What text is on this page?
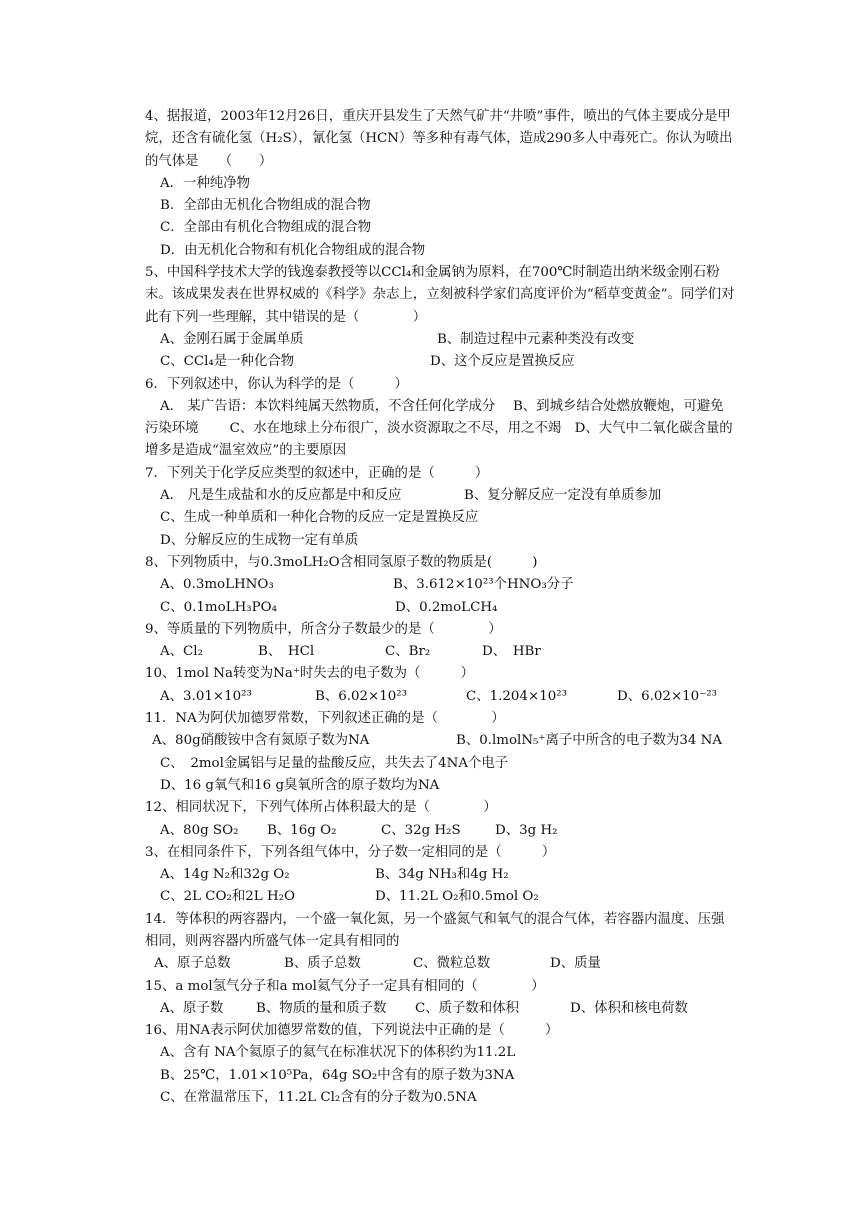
4、据报道，2003年12月26日，重庆开县发生了天然气矿井“井喷”事件，喷出的气体主要成分是甲烷，还含有硫化氢（H₂S），氰化氢（HCN）等多种有毒气体，造成290多人中毒死亡。你认为喷出的气体是　　（　　）
A．一种纯净物
B．全部由无机化合物组成的混合物
C．全部由有机化合物组成的混合物
D．由无机化合物和有机化合物组成的混合物
5、中国科学技术大学的钱逸泰教授等以CCl₄和金属钠为原料，在700℃时制造出纳米级金刚石粉末。该成果发表在世界权威的《科学》杂志上，立刻被科学家们高度评价为“稻草变黄金”。同学们对此有下列一些理解，其中错误的是（　　　　）
A、金刚石属于金属单质	B、制造过程中元素种类没有改变
C、CCl₄是一种化合物	D、这个反应是置换反应
6．下列叙述中，你认为科学的是（　　　）
A． 某广告语：本饮料纯属天然物质，不含任何化学成分　 B、到城乡结合处燃放鞭炮，可避免污染环境　　 C、水在地球上分布很广，淡水资源取之不尽，用之不竭　D、大气中二氧化碳含量的增多是造成“温室效应”的主要原因
7．下列关于化学反应类型的叙述中，正确的是（　　　）
A． 凡是生成盐和水的反应都是中和反应	B、复分解反应一定没有单质参加
C、生成一种单质和一种化合物的反应一定是置换反应
D、分解反应的生成物一定有单质
8、下列物质中，与0.3moLH₂O含相同氢原子数的物质是(　　　)
A、0.3moLHNO₃	B、3.612×10²³个HNO₃分子
C、0.1moLH₃PO₄	D、0.2moLCH₄
9、等质量的下列物质中，所含分子数最少的是（　　　　）
A、Cl₂	B、　HCl	C、Br₂	D、　HBr
10、1mol Na转变为Na⁺时失去的电子数为（　　　）
A、3.01×10²³	B、6.02×10²³	C、1.204×10²³	D、6.02×10⁻²³
11．NA为阿伏加德罗常数，下列叙述正确的是（　　　　）
A、80g硝酸铵中含有氮原子数为NA	B、0.lmolN₅⁺离子中所含的电子数为34 NA
C、　2mol金属铝与足量的盐酸反应，共失去了4NA个电子
D、16 g氧气和16 g臭氧所含的原子数均为NA
12、相同状况下，下列气体所占体积最大的是（　　　　）
A、80g SO₂ B、16g O₂	C、32g H₂S	D、3g H₂
3、在相同条件下，下列各组气体中，分子数一定相同的是（　　　）
A、14g N₂和32g O₂	B、34g NH₃和4g H₂
C、2L CO₂和2L H₂O	D、11.2L O₂和0.5mol O₂
14．等体积的两容器内，一个盛一氧化氮，另一个盛氮气和氧气的混合气体，若容器内温度、压强相同，则两容器内所盛气体一定具有相同的
A、原子总数	B、质子总数	C、微粒总数	D、质量
15、a mol氢气分子和a mol氦气分子一定具有相同的（　　　　）
A、原子数 B、物质的量和质子数 C、质子数和体积	D、体积和核电荷数
16、用NA表示阿伏加德罗常数的值，下列说法中正确的是（　　　）
A、含有 NA个氦原子的氦气在标准状况下的体积约为11.2L
B、25℃，1.01×10⁵Pa，64g SO₂中含有的原子数为3NA
C、在常温常压下，11.2L Cl₂含有的分子数为0.5NA
